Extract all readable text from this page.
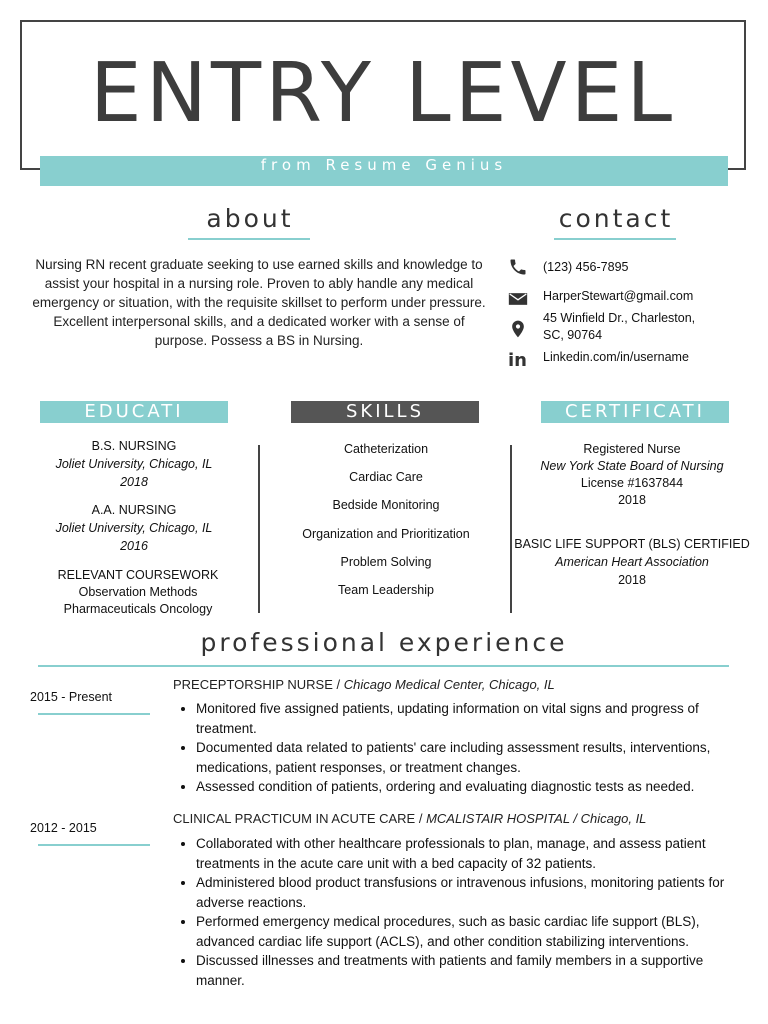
ENTRY LEVEL
from Resume Genius
about
Nursing RN recent graduate seeking to use earned skills and knowledge to assist your hospital in a nursing role. Proven to ably handle any medical emergency or situation, with the requisite skillset to perform under pressure. Excellent interpersonal skills, and a dedicated worker with a sense of purpose. Possess a BS in Nursing.
contact
(123) 456-7895
HarperStewart@gmail.com
45 Winfield Dr., Charleston,
SC, 90764
in Linkedin.com/in/username
EDUCATI	SKILLS	CERTIFICATI
B.S. NURSING
Joliet University, Chicago, IL
2018
A.A. NURSING
Joliet University, Chicago, IL
2016
RELEVANT COURSEWORK
Observation Methods
Pharmaceuticals Oncology
Catheterization
Cardiac Care
Bedside Monitoring
Organization and Prioritization
Problem Solving
Team Leadership
Registered Nurse
New York State Board of Nursing
License #1637844
2018
BASIC LIFE SUPPORT (BLS) CERTIFIED
American Heart Association
2018
professional experience
2015 - Present
PRECEPTORSHIP NURSE / Chicago Medical Center, Chicago, IL
• Monitored five assigned patients, updating information on vital signs and progress of treatment.
• Documented data related to patients' care including assessment results, interventions, medications, patient responses, or treatment changes.
• Assessed condition of patients, ordering and evaluating diagnostic tests as needed.
2012 - 2015
CLINICAL PRACTICUM IN ACUTE CARE / MCALISTAIR HOSPITAL / Chicago, IL
• Collaborated with other healthcare professionals to plan, manage, and assess patient treatments in the acute care unit with a bed capacity of 32 patients.
• Administered blood product transfusions or intravenous infusions, monitoring patients for adverse reactions.
• Performed emergency medical procedures, such as basic cardiac life support (BLS), advanced cardiac life support (ACLS), and other condition stabilizing interventions.
• Discussed illnesses and treatments with patients and family members in a supportive manner.
